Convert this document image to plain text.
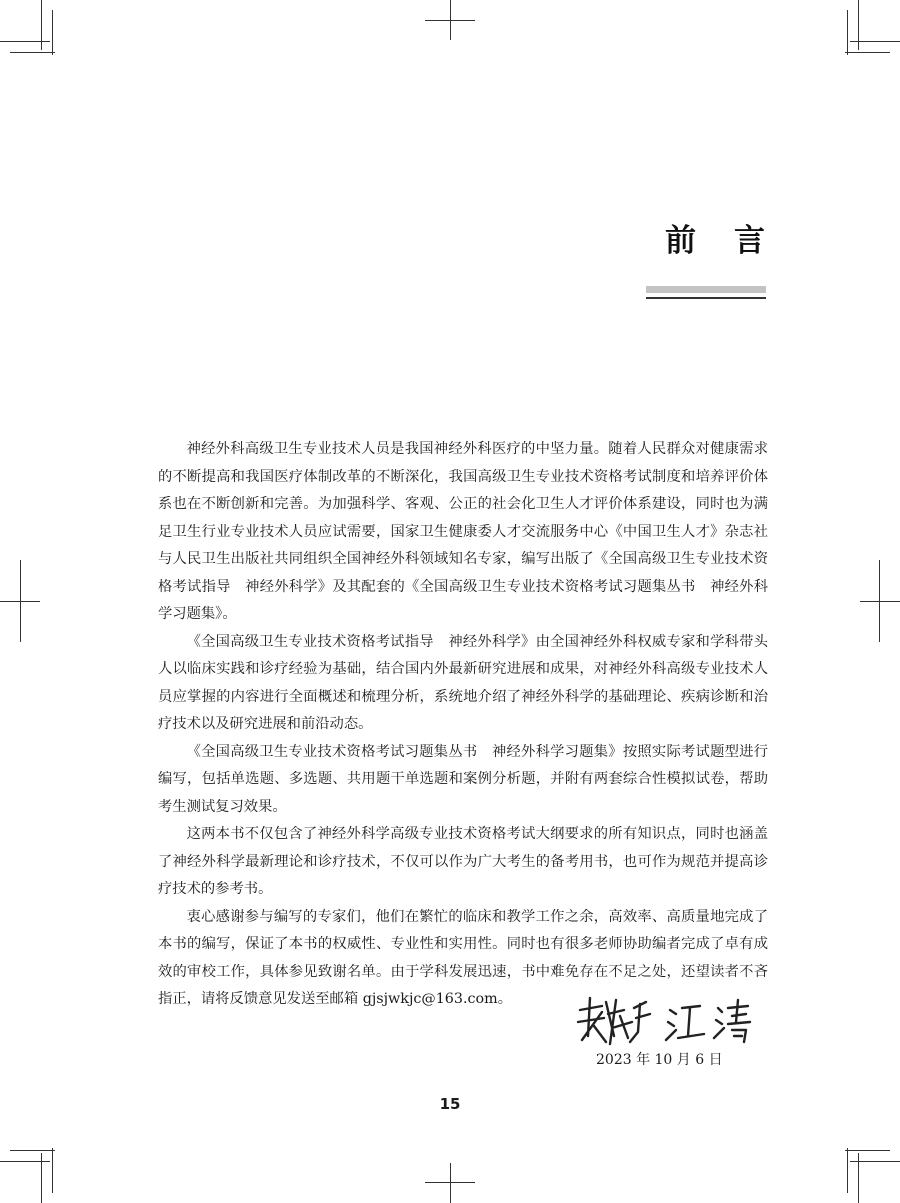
前言

神经外科高级卫生专业技术人员是我国神经外科医疗的中坚力量。随着人民群众对健康需求的不断提高和我国医疗体制改革的不断深化，我国高级卫生专业技术资格考试制度和培养评价体系也在不断创新和完善。为加强科学、客观、公正的社会化卫生人才评价体系建设，同时也为满足卫生行业专业技术人员应试需要，国家卫生健康委人才交流服务中心《中国卫生人才》杂志社与人民卫生出版社共同组织全国神经外科领域知名专家，编写出版了《全国高级卫生专业技术资格考试指导　神经外科学》及其配套的《全国高级卫生专业技术资格考试习题集丛书　神经外科学习题集》。

《全国高级卫生专业技术资格考试指导　神经外科学》由全国神经外科权威专家和学科带头人以临床实践和诊疗经验为基础，结合国内外最新研究进展和成果，对神经外科高级专业技术人员应掌握的内容进行全面概述和梳理分析，系统地介绍了神经外科学的基础理论、疾病诊断和治疗技术以及研究进展和前沿动态。

《全国高级卫生专业技术资格考试习题集丛书　神经外科学习题集》按照实际考试题型进行编写，包括单选题、多选题、共用题干单选题和案例分析题，并附有两套综合性模拟试卷，帮助考生测试复习效果。

这两本书不仅包含了神经外科学高级专业技术资格考试大纲要求的所有知识点，同时也涵盖了神经外科学最新理论和诊疗技术，不仅可以作为广大考生的备考用书，也可作为规范并提高诊疗技术的参考书。

衷心感谢参与编写的专家们，他们在繁忙的临床和教学工作之余，高效率、高质量地完成了本书的编写，保证了本书的权威性、专业性和实用性。同时也有很多老师协助编者完成了卓有成效的审校工作，具体参见致谢名单。由于学科发展迅速，书中难免存在不足之处，还望读者不吝指正，请将反馈意见发送至邮箱 gjsjwkjc@163.com。

2023 年 10 月 6 日
15
